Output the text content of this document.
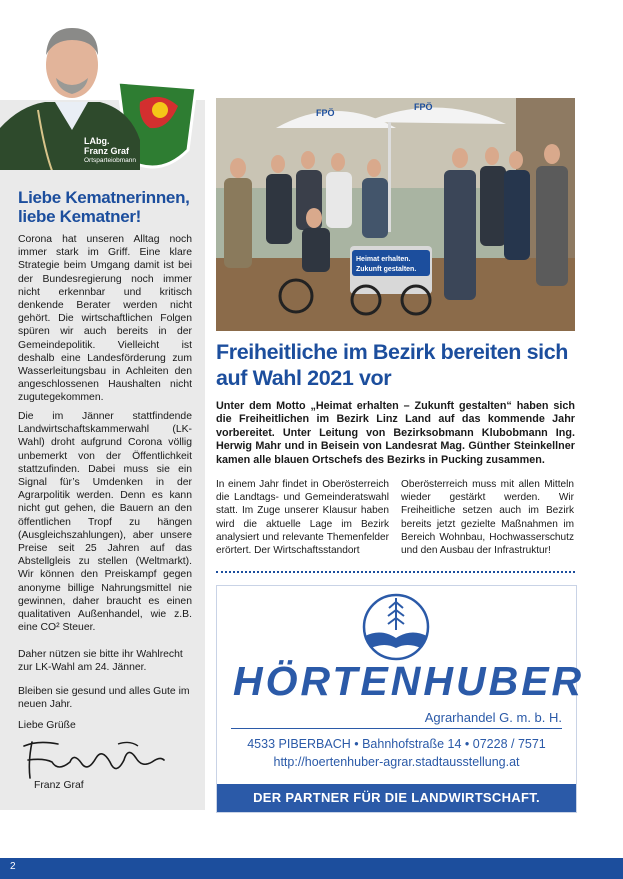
LAbg.
Franz Graf
Ortsparteiobmann
Liebe Kematnerinnen, liebe Kematner!
Corona hat unseren Alltag noch immer stark im Griff. Eine klare Strategie beim Umgang damit ist bei der Bundesregierung noch immer nicht erkennbar und kritisch denkende Berater werden nicht gehört. Die wirtschaftlichen Folgen spüren wir auch bereits in der Gemeindepolitik. Vielleicht ist deshalb eine Landesförderung zum Wasserleitungsbau in Achleiten den angeschlossenen Haushalten nicht zugutegekommen.
Die im Jänner stattfindende Landwirtschaftskammerwahl (LK-Wahl) droht aufgrund Corona völlig unbemerkt von der Öffentlichkeit stattzufinden. Dabei muss sie ein Signal für’s Umdenken in der Agrarpolitik werden. Denn es kann nicht gut gehen, die Bauern an den öffentlichen Tropf zu hängen (Ausgleichszahlungen), aber unsere Preise seit 25 Jahren auf das Abstellgleis zu stellen (Weltmarkt). Wir können den Preiskampf gegen anonyme billige Nahrungsmittel nie gewinnen, daher braucht es einen qualitativen Außenhandel, wie z.B. eine CO² Steuer.
Daher nützen sie bitte ihr Wahlrecht zur LK-Wahl am 24. Jänner.
Bleiben sie gesund und alles Gute im neuen Jahr.
Liebe Grüße
Franz Graf
FPÖ
FPÖ
Heimat erhalten.
Zukunft gestalten.
Freiheitliche im Bezirk bereiten sich auf Wahl 2021 vor
Unter dem Motto „Heimat erhalten – Zukunft gestalten“ haben sich die Freiheitlichen im Bezirk Linz Land auf das kommende Jahr vorbereitet. Unter Leitung von Bezirksobmann Klubobmann Ing. Herwig Mahr und in Beisein von Landesrat Mag. Günther Steinkellner kamen alle blauen Ortschefs des Bezirks in Pucking zusammen.
In einem Jahr findet in Oberösterreich die Landtags- und Gemeinderatswahl statt. Im Zuge unserer Klausur haben wird die aktuelle Lage im Bezirk analysiert und relevante Themenfelder erörtert. Der Wirtschaftsstandort
Oberösterreich muss mit allen Mitteln wieder gestärkt werden. Wir Freiheitliche setzen auch im Bezirk bereits jetzt gezielte Maßnahmen im Bereich Wohnbau, Hochwasserschutz und den Ausbau der Infrastruktur!
HÖRTENHUBER
Agrarhandel G. m. b. H.
4533 PIBERBACH • Bahnhofstraße 14 • 07228 / 7571
http://hoertenhuber-agrar.stadtausstellung.at
DER PARTNER FÜR DIE LANDWIRTSCHAFT.
2
